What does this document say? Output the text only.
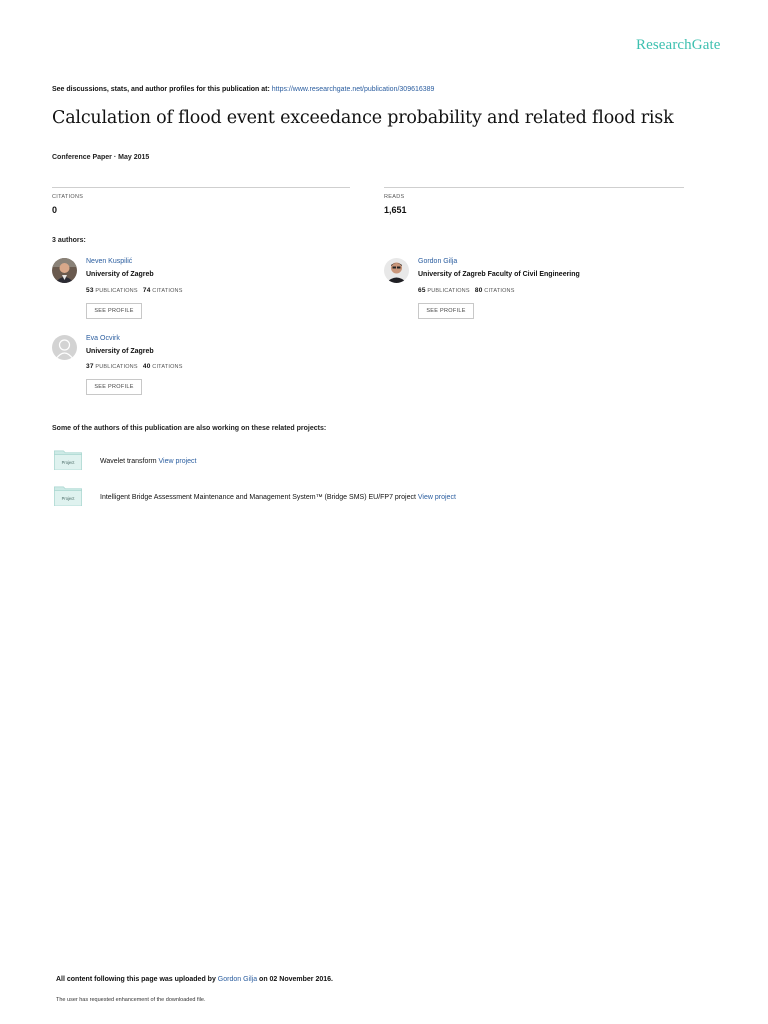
ResearchGate
See discussions, stats, and author profiles for this publication at: https://www.researchgate.net/publication/309616389
Calculation of flood event exceedance probability and related flood risk
Conference Paper · May 2015
CITATIONS
0
READS
1,651
3 authors:
Neven Kuspilić
University of Zagreb
53 PUBLICATIONS 74 CITATIONS
SEE PROFILE
Gordon Gilja
University of Zagreb Faculty of Civil Engineering
65 PUBLICATIONS 80 CITATIONS
SEE PROFILE
Eva Ocvirk
University of Zagreb
37 PUBLICATIONS 40 CITATIONS
SEE PROFILE
Some of the authors of this publication are also working on these related projects:
Project	Wavelet transform View project
Project	Intelligent Bridge Assessment Maintenance and Management System™ (Bridge SMS) EU/FP7 project View project
All content following this page was uploaded by Gordon Gilja on 02 November 2016.
The user has requested enhancement of the downloaded file.
